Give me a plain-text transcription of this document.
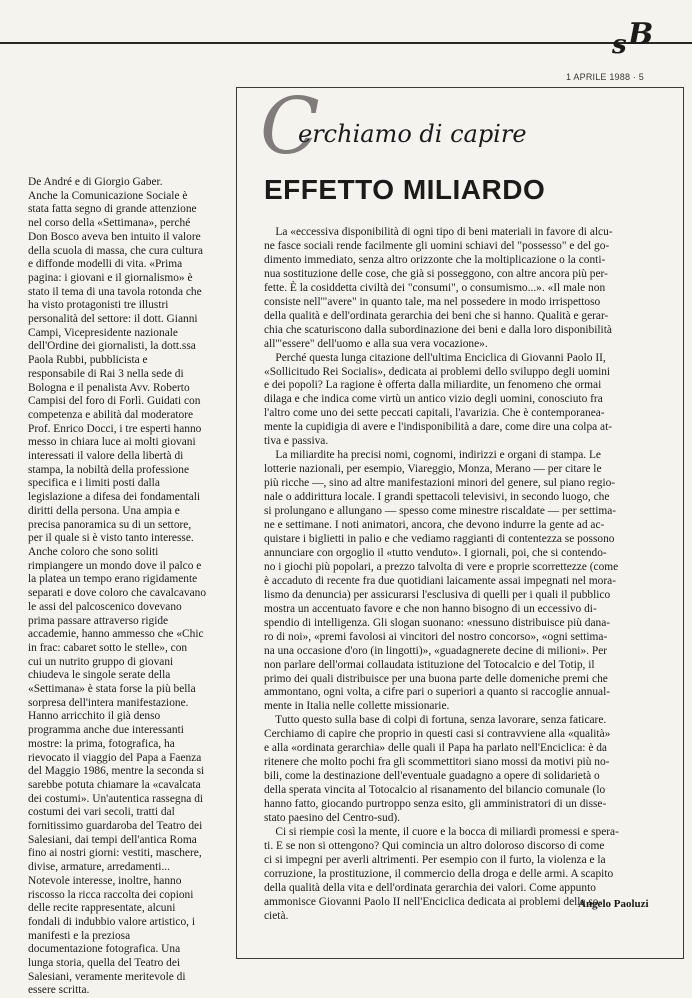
s B
1 APRILE 1988 · 5
De André e di Giorgio Gaber.
Anche la Comunicazione Sociale è
stata fatta segno di grande attenzione
nel corso della «Settimana», perché
Don Bosco aveva ben intuito il valore
della scuola di massa, che cura cultura
e diffonde modelli di vita. «Prima
pagina: i giovani e il giornalismo» è
stato il tema di una tavola rotonda che
ha visto protagonisti tre illustri
personalità del settore: il dott. Gianni
Campi, Vicepresidente nazionale
dell'Ordine dei giornalisti, la dott.ssa
Paola Rubbi, pubblicista e
responsabile di Rai 3 nella sede di
Bologna e il penalista Avv. Roberto
Campisi del foro di Forlì. Guidati con
competenza e abilità dal moderatore
Prof. Enrico Docci, i tre esperti hanno
messo in chiara luce ai molti giovani
interessati il valore della libertà di
stampa, la nobiltà della professione
specifica e i limiti posti dalla
legislazione a difesa dei fondamentali
diritti della persona. Una ampia e
precisa panoramica su di un settore,
per il quale si è visto tanto interesse.
Anche coloro che sono soliti
rimpiangere un mondo dove il palco e
la platea un tempo erano rigidamente
separati e dove coloro che cavalcavano
le assi del palcoscenico dovevano
prima passare attraverso rigide
accademie, hanno ammesso che «Chic
in frac: cabaret sotto le stelle», con
cui un nutrito gruppo di giovani
chiudeva le singole serate della
«Settimana» è stata forse la più bella
sorpresa dell'intera manifestazione.
Hanno arricchito il già denso
programma anche due interessanti
mostre: la prima, fotografica, ha
rievocato il viaggio del Papa a Faenza
del Maggio 1986, mentre la seconda si
sarebbe potuta chiamare la «cavalcata
dei costumi». Un'autentica rassegna di
costumi dei vari secoli, tratti dal
fornitissimo guardaroba del Teatro dei
Salesiani, dai tempi dell'antica Roma
fino ai nostri giorni: vestiti, maschere,
divise, armature, arredamenti...
Notevole interesse, inoltre, hanno
riscosso la ricca raccolta dei copioni
delle recite rappresentate, alcuni
fondali di indubbio valore artistico, i
manifesti e la preziosa
documentazione fotografica. Una
lunga storia, quella del Teatro dei
Salesiani, veramente meritevole di
essere scritta.
C
erchiamo di capire
EFFETTO MILIARDO
La «eccessiva disponibilità di ogni tipo di beni materiali in favore di alcu-
ne fasce sociali rende facilmente gli uomini schiavi del "possesso" e del go-
dimento immediato, senza altro orizzonte che la moltiplicazione o la conti-
nua sostituzione delle cose, che già si posseggono, con altre ancora più per-
fette. È la cosiddetta civiltà dei "consumi", o consumismo...». «Il male non
consiste nell'"avere" in quanto tale, ma nel possedere in modo irrispettoso
della qualità e dell'ordinata gerarchia dei beni che si hanno. Qualità e gerar-
chia che scaturiscono dalla subordinazione dei beni e dalla loro disponibilità
all'"essere" dell'uomo e alla sua vera vocazione».
Perché questa lunga citazione dell'ultima Enciclica di Giovanni Paolo II,
«Sollicitudo Rei Socialis», dedicata ai problemi dello sviluppo degli uomini
e dei popoli? La ragione è offerta dalla miliardite, un fenomeno che ormai
dilaga e che indica come virtù un antico vizio degli uomini, conosciuto fra
l'altro come uno dei sette peccati capitali, l'avarizia. Che è contemporanea-
mente la cupidigia di avere e l'indisponibilità a dare, come dire una colpa at-
tiva e passiva.
La miliardite ha precisi nomi, cognomi, indirizzi e organi di stampa. Le
lotterie nazionali, per esempio, Viareggio, Monza, Merano — per citare le
più ricche —, sino ad altre manifestazioni minori del genere, sul piano regio-
nale o addirittura locale. I grandi spettacoli televisivi, in secondo luogo, che
si prolungano e allungano — spesso come minestre riscaldate — per settima-
ne e settimane. I noti animatori, ancora, che devono indurre la gente ad ac-
quistare i biglietti in palio e che vediamo raggianti di contentezza se possono
annunciare con orgoglio il «tutto venduto». I giornali, poi, che si contendo-
no i giochi più popolari, a prezzo talvolta di vere e proprie scorrettezze (come
è accaduto di recente fra due quotidiani laicamente assai impegnati nel mora-
lismo da denuncia) per assicurarsi l'esclusiva di quelli per i quali il pubblico
mostra un accentuato favore e che non hanno bisogno di un eccessivo di-
spendio di intelligenza. Gli slogan suonano: «nessuno distribuisce più dana-
ro di noi», «premi favolosi ai vincitori del nostro concorso», «ogni settima-
na una occasione d'oro (in lingotti)», «guadagnerete decine di milioni». Per
non parlare dell'ormai collaudata istituzione del Totocalcio e del Totip, il
primo dei quali distribuisce per una buona parte delle domeniche premi che
ammontano, ogni volta, a cifre pari o superiori a quanto si raccoglie annual-
mente in Italia nelle collette missionarie.
Tutto questo sulla base di colpi di fortuna, senza lavorare, senza faticare.
Cerchiamo di capire che proprio in questi casi si contravviene alla «qualità»
e alla «ordinata gerarchia» delle quali il Papa ha parlato nell'Enciclica: è da
ritenere che molto pochi fra gli scommettitori siano mossi da motivi più no-
bili, come la destinazione dell'eventuale guadagno a opere di solidarietà o
della sperata vincita al Totocalcio al risanamento del bilancio comunale (lo
hanno fatto, giocando purtroppo senza esito, gli amministratori di un disse-
stato paesino del Centro-sud).
Ci si riempie così la mente, il cuore e la bocca di miliardi promessi e spera-
ti. E se non si ottengono? Qui comincia un altro doloroso discorso di come
ci si impegni per averli altrimenti. Per esempio con il furto, la violenza e la
corruzione, la prostituzione, il commercio della droga e delle armi. A scapito
della qualità della vita e dell'ordinata gerarchia dei valori. Come appunto
ammonisce Giovanni Paolo II nell'Enciclica dedicata ai problemi della so-
cietà.
Angelo Paoluzi
